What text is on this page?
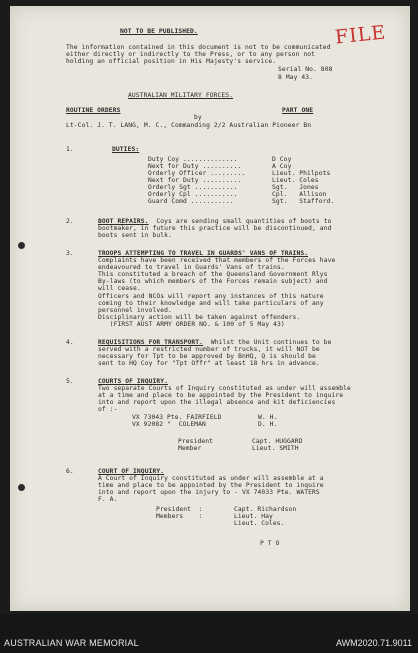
FILE
NOT TO BE PUBLISHED.
The information contained in this document is not to be communicated
either directly or indirectly to the Press, or to any person not
holding an official position in His Majesty's service.
Serial No. 808
8 May 43.
AUSTRALIAN MILITARY FORCES.
ROUTINE ORDERS	PART ONE
by
Lt-Col. J. T. LANG, M. C., Commanding 2/2 Australian Pioneer Bn
1.	DUTIES:
Duty Coy ..............	D Coy
Next for Duty ..........	A Coy
Orderly Officer .........	Lieut. Philpots
Next for Duty ..........	Lieut. Coles
Orderly Sgt ...........	Sgt.   Jones
Orderly Cpl ...........	Cpl.   Allison
Guard Comd ...........	Sgt.   Stafford.
2.	BOOT REPAIRS.  Coys are sending small quantities of boots to
bootmaker, in future this practice will be discontinued, and
boots sent in bulk.
3.	TROOPS ATTEMPTING TO TRAVEL IN GUARDS' VANS OF TRAINS.
Complaints have been received that members of the Forces have
endeavoured to travel in Guards' Vans of trains.
This constituted a breach of the Queensland Government Rlys
By-laws (to which members of the Forces remain subject) and
will cease.
Officers and NCOs will report any instances of this nature
coming to their knowledge and will take particulars of any
personnel involved.
Disciplinary action will be taken against offenders.
(FIRST AUST ARMY ORDER NO. & 100 of 5 May 43)
4.	REQUISITIONS FOR TRANSPORT.  Whilst the Unit continues to be
served with a restricted number of trucks, it will NOT be
necessary for Tpt to be approved by BnHQ, Q is should be
sent to HQ Coy for "Tpt Offr" at least 18 hrs in advance.
5.	COURTS OF INQUIRY.
Two separate Courts of Inquiry constituted as under will assemble
at a time and place to be appointed by the President to inquire
into and report upon the illegal absence and kit deficiencies
of :-
VX 73043 Pte. FAIRFIELD	W. H.
VX 92082 "  COLEMAN	D. H.
President	Capt. HUGGARD
Member	Lieut. SMITH
6.	COURT OF INQUIRY.
A Court of Inquiry constituted as under will assemble at a
time and place to be appointed by the President to inquire
into and report upon the injury to - VX 74033 Pte. WATERS
F. A.
President  :	Capt. Richardson
Members    :	Lieut. Hay
Lieut. Coles.
P T O
AUSTRALIAN WAR MEMORIAL	AWM2020.71.9011
